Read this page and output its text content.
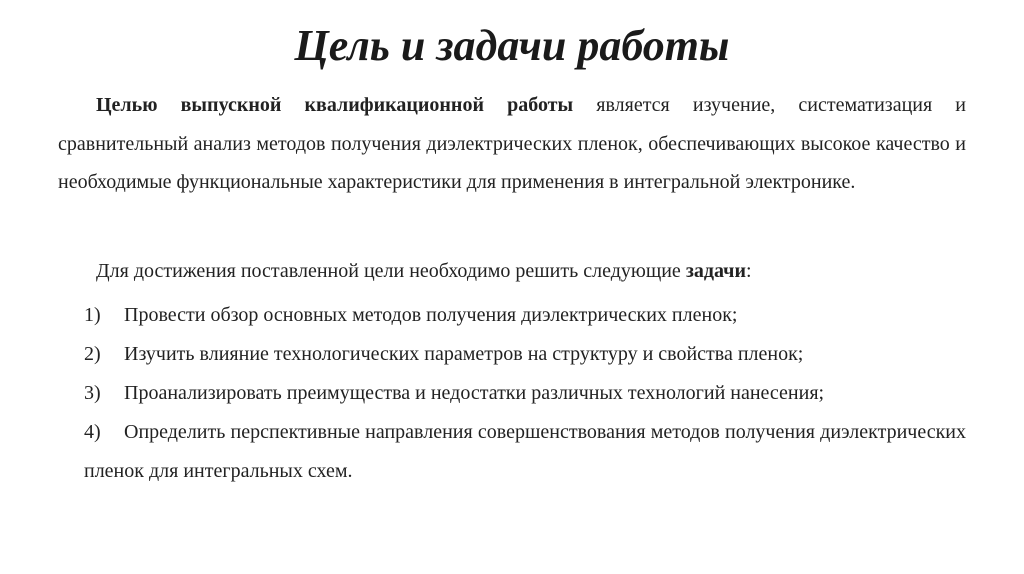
Цель и задачи работы
Целью выпускной квалификационной работы является изучение, систематизация и сравнительный анализ методов получения диэлектрических пленок, обеспечивающих высокое качество и необходимые функциональные характеристики для применения в интегральной электронике.
Для достижения поставленной цели необходимо решить следующие задачи:
1) Провести обзор основных методов получения диэлектрических пленок;
2) Изучить влияние технологических параметров на структуру и свойства пленок;
3) Проанализировать преимущества и недостатки различных технологий нанесения;
4) Определить перспективные направления совершенствования методов получения диэлектрических пленок для интегральных схем.
